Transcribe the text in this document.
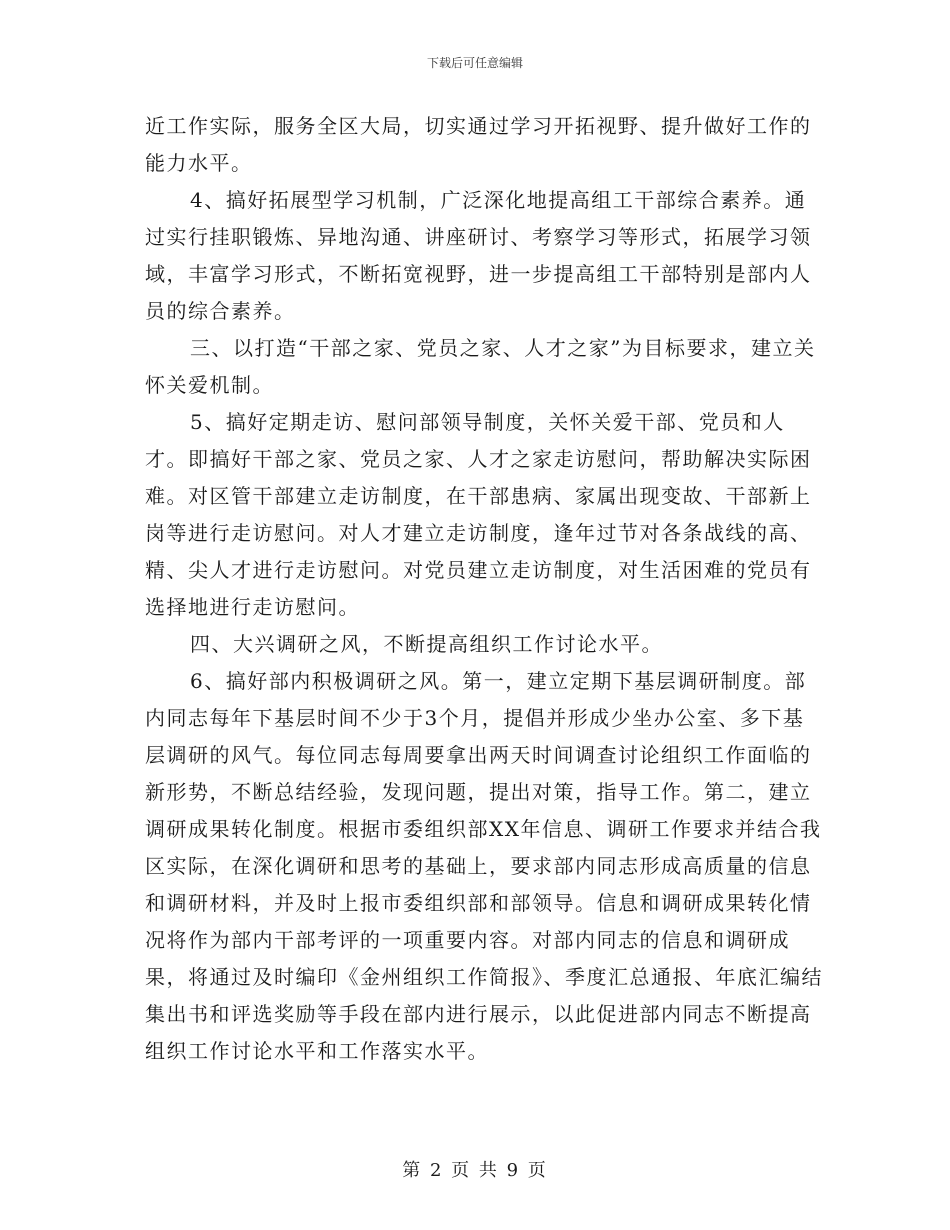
下载后可任意编辑

近工作实际，服务全区大局，切实通过学习开拓视野、提升做好工作的能力水平。

4、搞好拓展型学习机制，广泛深化地提高组工干部综合素养。通过实行挂职锻炼、异地沟通、讲座研讨、考察学习等形式，拓展学习领域，丰富学习形式，不断拓宽视野，进一步提高组工干部特别是部内人员的综合素养。

三、以打造“干部之家、党员之家、人才之家”为目标要求，建立关怀关爱机制。

5、搞好定期走访、慰问部领导制度，关怀关爱干部、党员和人才。即搞好干部之家、党员之家、人才之家走访慰问，帮助解决实际困难。对区管干部建立走访制度，在干部患病、家属出现变故、干部新上岗等进行走访慰问。对人才建立走访制度，逢年过节对各条战线的高、精、尖人才进行走访慰问。对党员建立走访制度，对生活困难的党员有选择地进行走访慰问。

四、大兴调研之风，不断提高组织工作讨论水平。

6、搞好部内积极调研之风。第一，建立定期下基层调研制度。部内同志每年下基层时间不少于3个月，提倡并形成少坐办公室、多下基层调研的风气。每位同志每周要拿出两天时间调查讨论组织工作面临的新形势，不断总结经验，发现问题，提出对策，指导工作。第二，建立调研成果转化制度。根据市委组织部XX年信息、调研工作要求并结合我区实际，在深化调研和思考的基础上，要求部内同志形成高质量的信息和调研材料，并及时上报市委组织部和部领导。信息和调研成果转化情况将作为部内干部考评的一项重要内容。对部内同志的信息和调研成果，将通过及时编印《金州组织工作简报》、季度汇总通报、年底汇编结集出书和评选奖励等手段在部内进行展示，以此促进部内同志不断提高组织工作讨论水平和工作落实水平。

第 2 页 共 9 页
